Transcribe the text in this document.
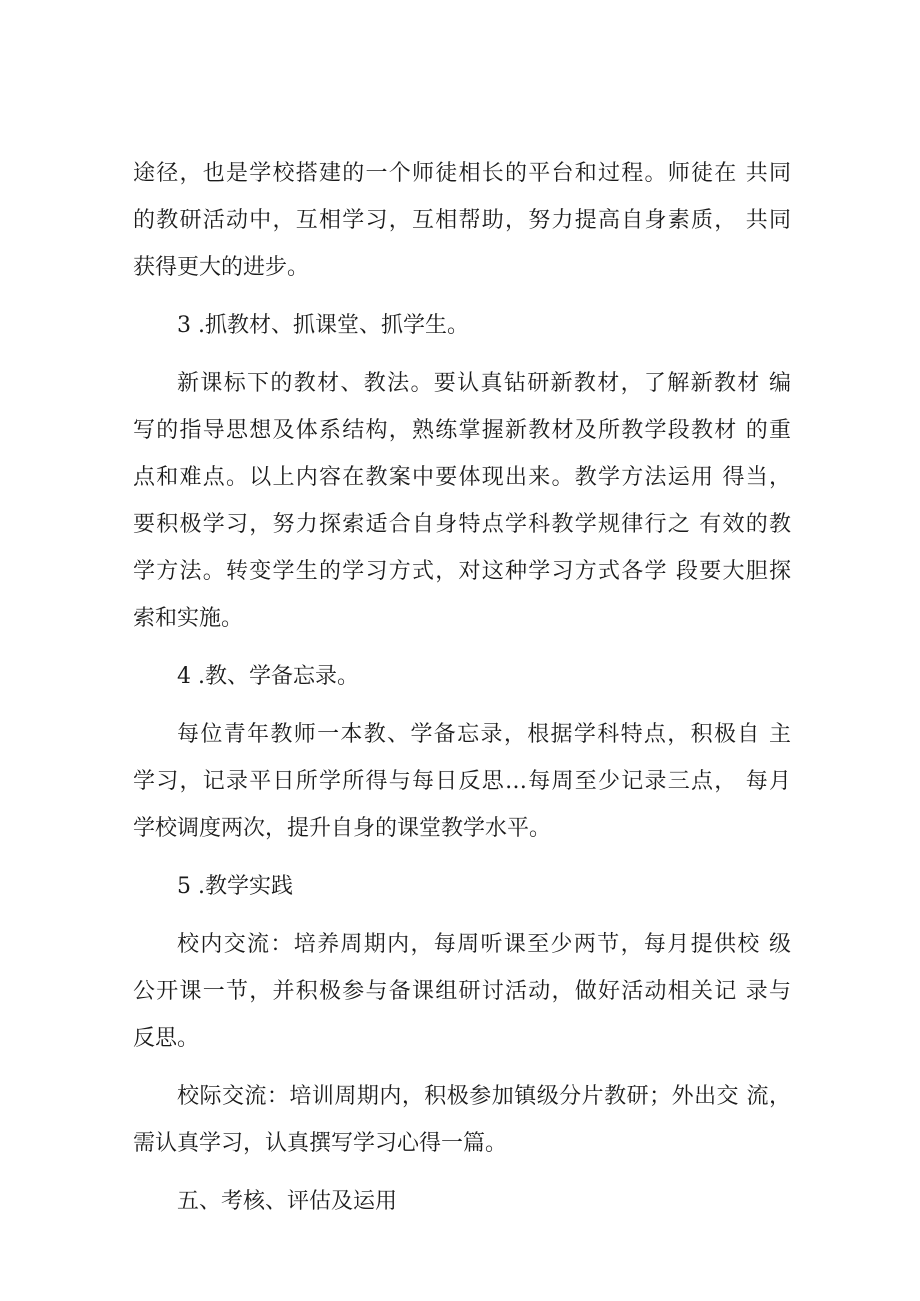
途径，也是学校搭建的一个师徒相长的平台和过程。师徒在 共同
的教研活动中，互相学习，互相帮助，努力提高自身素质， 共同
获得更大的进步。
3 .抓教材、抓课堂、抓学生。
新课标下的教材、教法。要认真钻研新教材，了解新教材 编
写的指导思想及体系结构，熟练掌握新教材及所教学段教材 的重
点和难点。以上内容在教案中要体现出来。教学方法运用 得当，
要积极学习，努力探索适合自身特点学科教学规律行之 有效的教
学方法。转变学生的学习方式，对这种学习方式各学 段要大胆探
索和实施。
4 .教、学备忘录。
每位青年教师一本教、学备忘录，根据学科特点，积极自 主
学习，记录平日所学所得与每日反思…每周至少记录三点， 每月
学校调度两次，提升自身的课堂教学水平。
5 .教学实践
校内交流：培养周期内，每周听课至少两节，每月提供校 级
公开课一节，并积极参与备课组研讨活动，做好活动相关记 录与
反思。
校际交流：培训周期内，积极参加镇级分片教研；外出交 流，
需认真学习，认真撰写学习心得一篇。
五、考核、评估及运用
